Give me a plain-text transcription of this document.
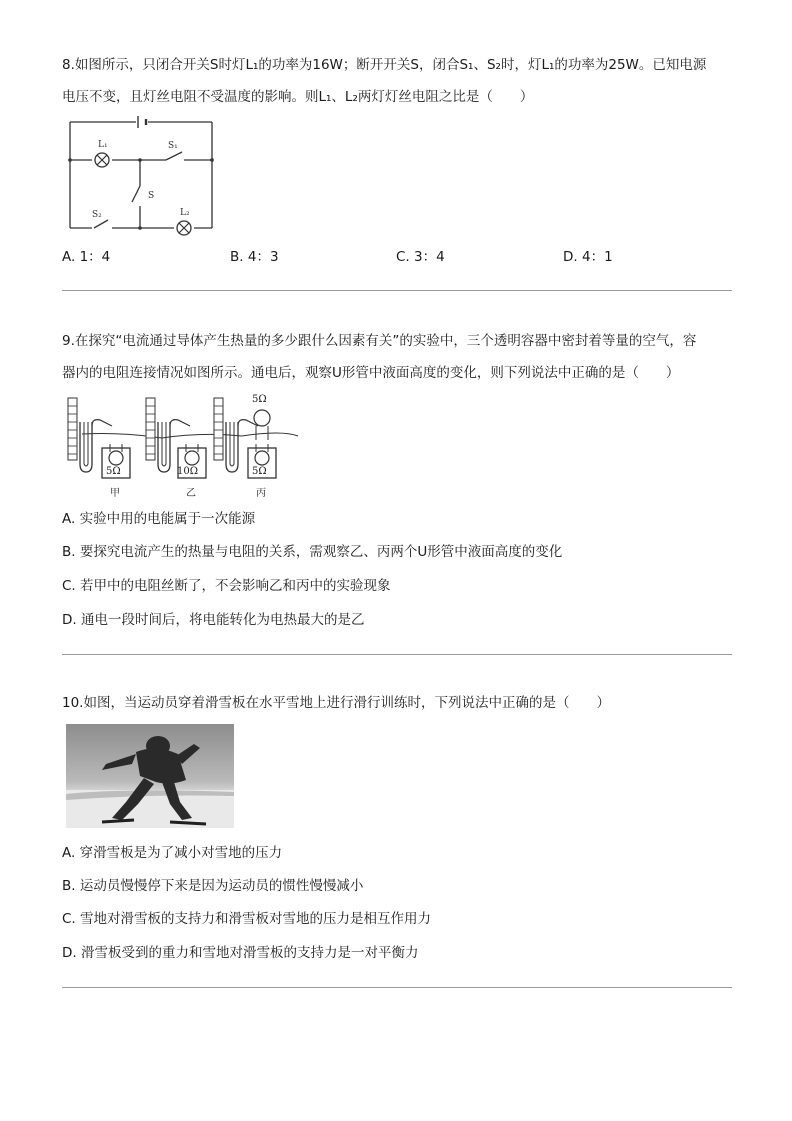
8.如图所示，只闭合开关S时灯L₁的功率为16W；断开开关S，闭合S₁、S₂时，灯L₁的功率为25W。已知电源
电压不变，且灯丝电阻不受温度的影响。则L₁、L₂两灯灯丝电阻之比是（　　）
L₁
L₂
S
S₁
S₂
A. 1：4	B. 4：3	C. 3：4	D. 4：1
9.在探究“电流通过导体产生热量的多少跟什么因素有关”的实验中，三个透明容器中密封着等量的空气，容
器内的电阻连接情况如图所示。通电后，观察U形管中液面高度的变化，则下列说法中正确的是（　　）
5Ω	10Ω	5Ω
5Ω
甲	乙	丙
A. 实验中用的电能属于一次能源
B. 要探究电流产生的热量与电阻的关系，需观察乙、丙两个U形管中液面高度的变化
C. 若甲中的电阻丝断了，不会影响乙和丙中的实验现象
D. 通电一段时间后，将电能转化为电热最大的是乙
10.如图，当运动员穿着滑雪板在水平雪地上进行滑行训练时，下列说法中正确的是（　　）
A. 穿滑雪板是为了减小对雪地的压力
B. 运动员慢慢停下来是因为运动员的惯性慢慢减小
C. 雪地对滑雪板的支持力和滑雪板对雪地的压力是相互作用力
D. 滑雪板受到的重力和雪地对滑雪板的支持力是一对平衡力
